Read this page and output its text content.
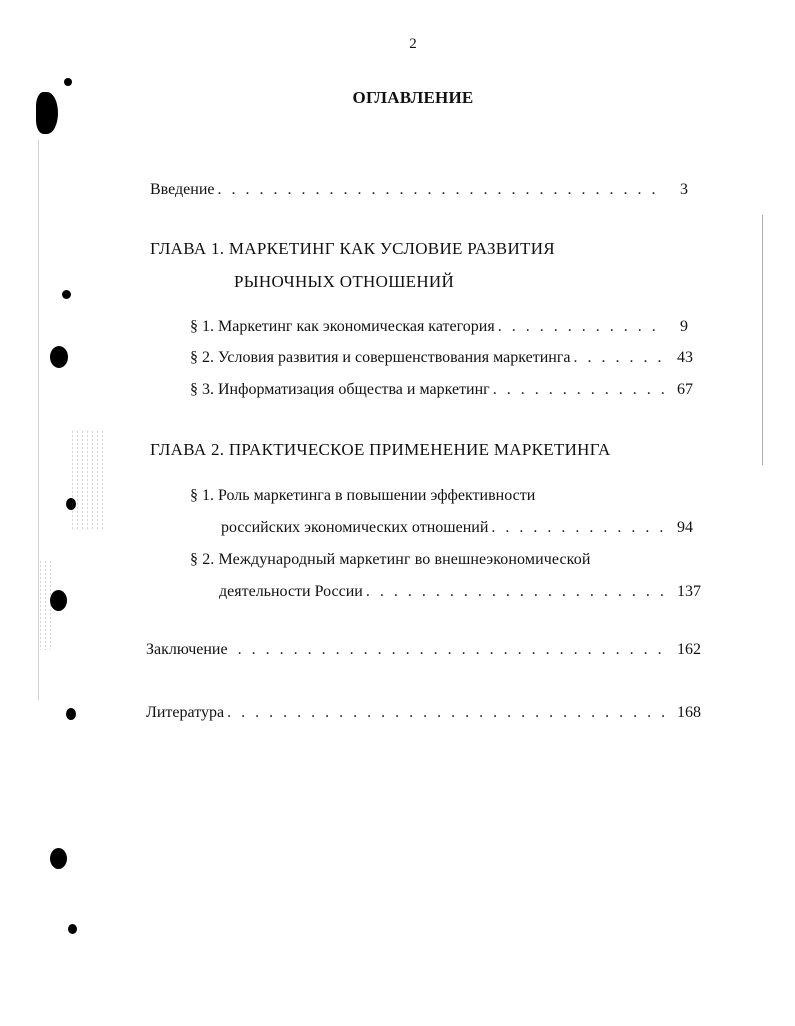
2
ОГЛАВЛЕНИЕ
Введение . . .	3
ГЛАВА 1. МАРКЕТИНГ КАК УСЛОВИЕ РАЗВИТИЯ
РЫНОЧНЫХ ОТНОШЕНИЙ
§ 1. Маркетинг как экономическая категория . . .	9
§ 2. Условия развития и совершенствования маркетинга . . .	43
§ 3. Информатизация общества и маркетинг . . .	67
ГЛАВА 2. ПРАКТИЧЕСКОЕ ПРИМЕНЕНИЕ МАРКЕТИНГА
§ 1. Роль маркетинга в повышении эффективности
российских экономических отношений . . .	94
§ 2. Международный маркетинг во внешнеэкономической
деятельности России . . .	137
Заключение . . .	162
Литература . . .	168
